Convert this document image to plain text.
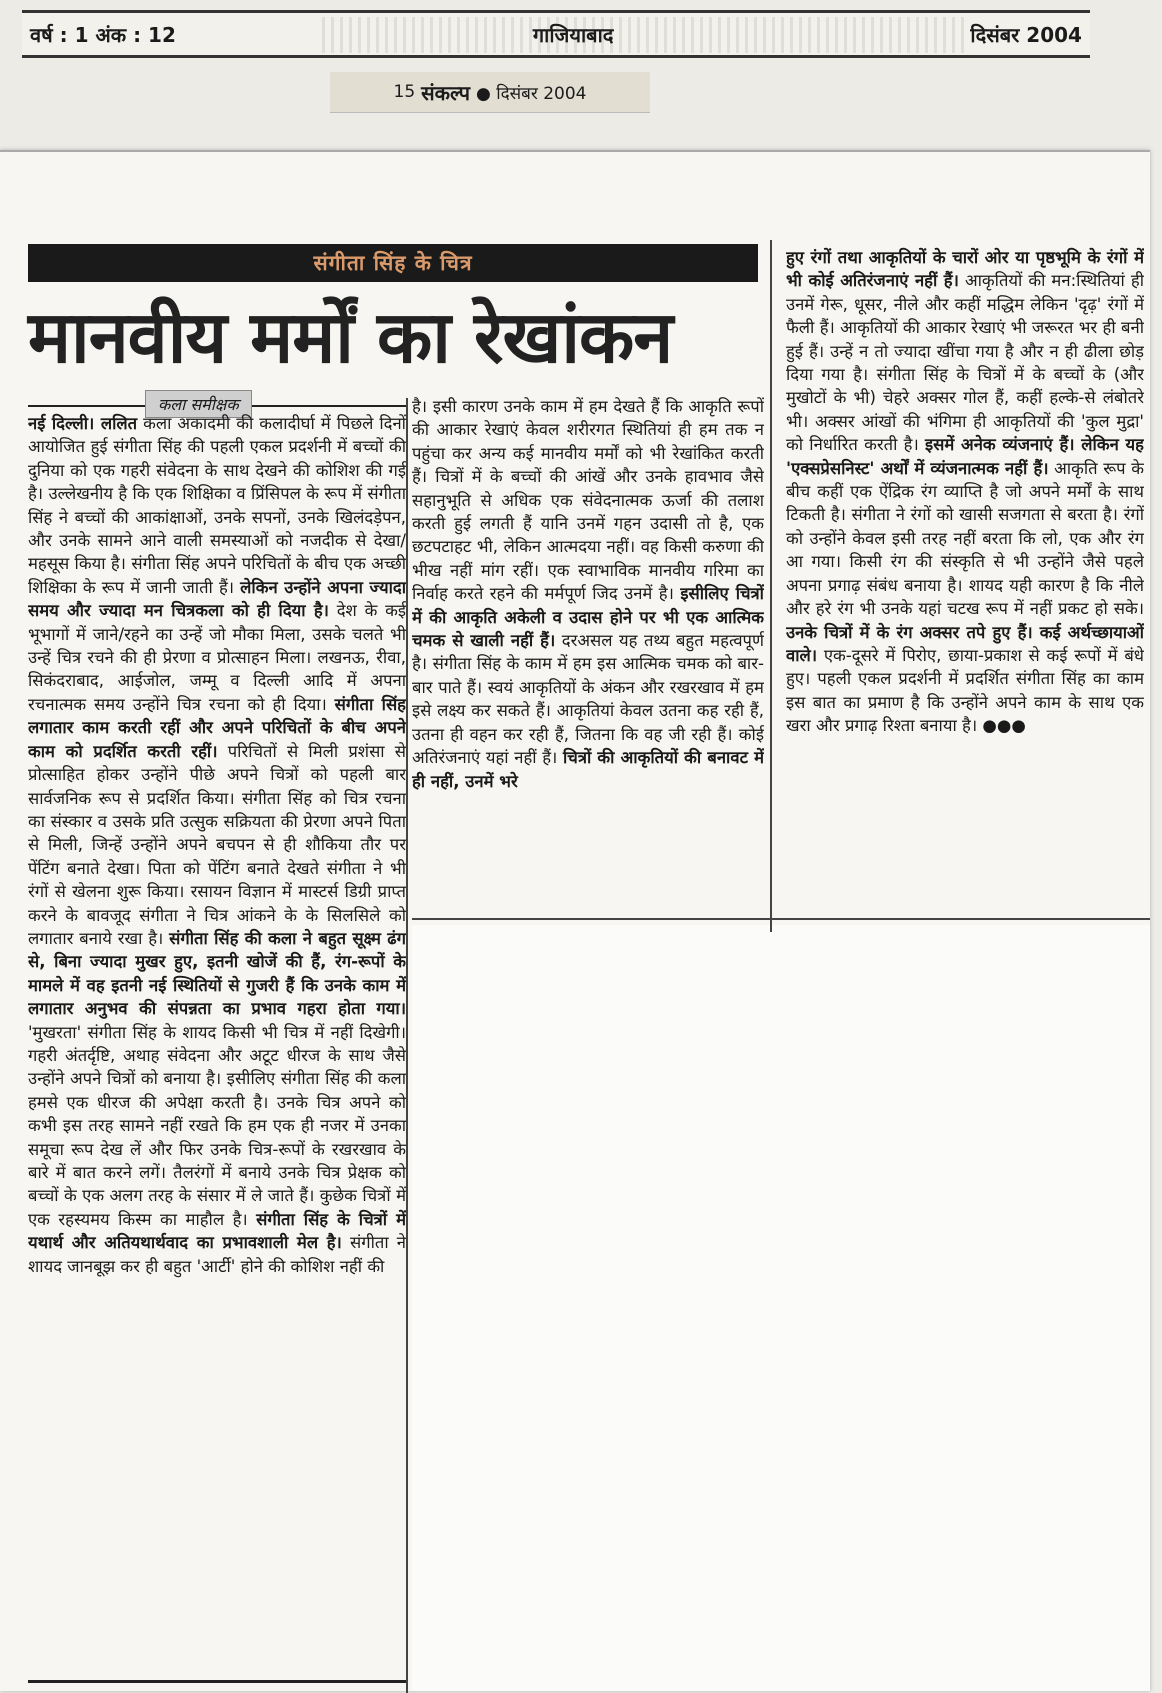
वर्ष : 1 अंक : 12	गाजियाबाद	दिसंबर 2004
15 संकल्प ● दिसंबर 2004
संगीता सिंह के चित्र
मानवीय मर्मों का रेखांकन
कला समीक्षक

नई दिल्ली। ललित कला अकादमी की कलादीर्घा में पिछले दिनों आयोजित हुई संगीता सिंह की पहली एकल प्रदर्शनी में बच्चों की दुनिया को एक गहरी संवेदना के साथ देखने की कोशिश की गई है। उल्लेखनीय है कि एक शिक्षिका व प्रिंसिपल के रूप में संगीता सिंह ने बच्चों की आकांक्षाओं, उनके सपनों, उनके खिलंदड़ेपन, और उनके सामने आने वाली समस्याओं को नजदीक से देखा/महसूस किया है। संगीता सिंह अपने परिचितों के बीच एक अच्छी शिक्षिका के रूप में जानी जाती हैं। लेकिन उन्होंने अपना ज्यादा समय और ज्यादा मन चित्रकला को ही दिया है। देश के कई भूभागों में जाने/रहने का उन्हें जो मौका मिला, उसके चलते भी उन्हें चित्र रचने की ही प्रेरणा व प्रोत्साहन मिला। लखनऊ, रीवा, सिकंदराबाद, आईजोल, जम्मू व दिल्ली आदि में अपना रचनात्मक समय उन्होंने चित्र रचना को ही दिया। संगीता सिंह लगातार काम करती रहीं और अपने परिचितों के बीच अपने काम को प्रदर्शित करती रहीं। परिचितों से मिली प्रशंसा से प्रोत्साहित होकर उन्होंने पीछे अपने चित्रों को पहली बार सार्वजनिक रूप से प्रदर्शित किया। संगीता सिंह को चित्र रचना का संस्कार व उसके प्रति उत्सुक सक्रियता की प्रेरणा अपने पिता से मिली, जिन्हें उन्होंने अपने बचपन से ही शौकिया तौर पर पेंटिंग बनाते देखा। पिता को पेंटिंग बनाते देखते संगीता ने भी रंगों से खेलना शुरू किया। रसायन विज्ञान में मास्टर्स डिग्री प्राप्त करने के बावजूद संगीता ने चित्र आंकने के के सिलसिले को लगातार बनाये रखा है। संगीता सिंह की कला ने बहुत सूक्ष्म ढंग से, बिना ज्यादा मुखर हुए, इतनी खोजें की हैं, रंग-रूपों के मामले में वह इतनी नई स्थितियों से गुजरी हैं कि उनके काम में लगातार अनुभव की संपन्नता का प्रभाव गहरा होता गया। 'मुखरता' संगीता सिंह के शायद किसी भी चित्र में नहीं दिखेगी। गहरी अंतर्दृष्टि, अथाह संवेदना और अटूट धीरज के साथ जैसे उन्होंने अपने चित्रों को बनाया है। इसीलिए संगीता सिंह की कला हमसे एक धीरज की अपेक्षा करती है। उनके चित्र अपने को कभी इस तरह सामने नहीं रखते कि हम एक ही नजर में उनका समूचा रूप देख लें और फिर उनके चित्र-रूपों के रखरखाव के बारे में बात करने लगें। तैलरंगों में बनाये उनके चित्र प्रेक्षक को बच्चों के एक अलग तरह के संसार में ले जाते हैं। कुछेक चित्रों में एक रहस्यमय किस्म का माहौल है। संगीता सिंह के चित्रों में यथार्थ और अतियथार्थवाद का प्रभावशाली मेल है। संगीता ने शायद जानबूझ कर ही बहुत 'आर्टी' होने की कोशिश नहीं की

है। इसी कारण उनके काम में हम देखते हैं कि आकृति रूपों की आकार रेखाएं केवल शरीरगत स्थितियां ही हम तक न पहुंचा कर अन्य कई मानवीय मर्मों को भी रेखांकित करती हैं। चित्रों में के बच्चों की आंखें और उनके हावभाव जैसे सहानुभूति से अधिक एक संवेदनात्मक ऊर्जा की तलाश करती हुई लगती हैं यानि उनमें गहन उदासी तो है, एक छटपटाहट भी, लेकिन आत्मदया नहीं। वह किसी करुणा की भीख नहीं मांग रहीं। एक स्वाभाविक मानवीय गरिमा का निर्वाह करते रहने की मर्मपूर्ण जिद उनमें है। इसीलिए चित्रों में की आकृति अकेली व उदास होने पर भी एक आत्मिक चमक से खाली नहीं हैं। दरअसल यह तथ्य बहुत महत्वपूर्ण है। संगीता सिंह के काम में हम इस आत्मिक चमक को बार-बार पाते हैं। स्वयं आकृतियों के अंकन और रखरखाव में हम इसे लक्ष्य कर सकते हैं। आकृतियां केवल उतना कह रही हैं, उतना ही वहन कर रही हैं, जितना कि वह जी रही हैं। कोई अतिरंजनाएं यहां नहीं हैं। चित्रों की आकृतियों की बनावट में ही नहीं, उनमें भरे

हुए रंगों तथा आकृतियों के चारों ओर या पृष्ठभूमि के रंगों में भी कोई अतिरंजनाएं नहीं हैं। आकृतियों की मन:स्थितियां ही उनमें गेरू, धूसर, नीले और कहीं मद्धिम लेकिन 'दृढ़' रंगों में फैली हैं। आकृतियों की आकार रेखाएं भी जरूरत भर ही बनी हुई हैं। उन्हें न तो ज्यादा खींचा गया है और न ही ढीला छोड़ दिया गया है। संगीता सिंह के चित्रों में के बच्चों के (और मुखोटों के भी) चेहरे अक्सर गोल हैं, कहीं हल्के-से लंबोतरे भी। अक्सर आंखों की भंगिमा ही आकृतियों की 'कुल मुद्रा' को निर्धारित करती है। इसमें अनेक व्यंजनाएं हैं। लेकिन यह 'एक्सप्रेसनिस्ट' अर्थों में व्यंजनात्मक नहीं हैं। आकृति रूप के बीच कहीं एक ऐंद्रिक रंग व्याप्ति है जो अपने मर्मों के साथ टिकती है। संगीता ने रंगों को खासी सजगता से बरता है। रंगों को उन्होंने केवल इसी तरह नहीं बरता कि लो, एक और रंग आ गया। किसी रंग की संस्कृति से भी उन्होंने जैसे पहले अपना प्रगाढ़ संबंध बनाया है। शायद यही कारण है कि नीले और हरे रंग भी उनके यहां चटख रूप में नहीं प्रकट हो सके। उनके चित्रों में के रंग अक्सर तपे हुए हैं। कई अर्थच्छायाओं वाले। एक-दूसरे में पिरोए, छाया-प्रकाश से कई रूपों में बंधे हुए। पहली एकल प्रदर्शनी में प्रदर्शित संगीता सिंह का काम इस बात का प्रमाण है कि उन्होंने अपने काम के साथ एक खरा और प्रगाढ़ रिश्ता बनाया है। ●●●
